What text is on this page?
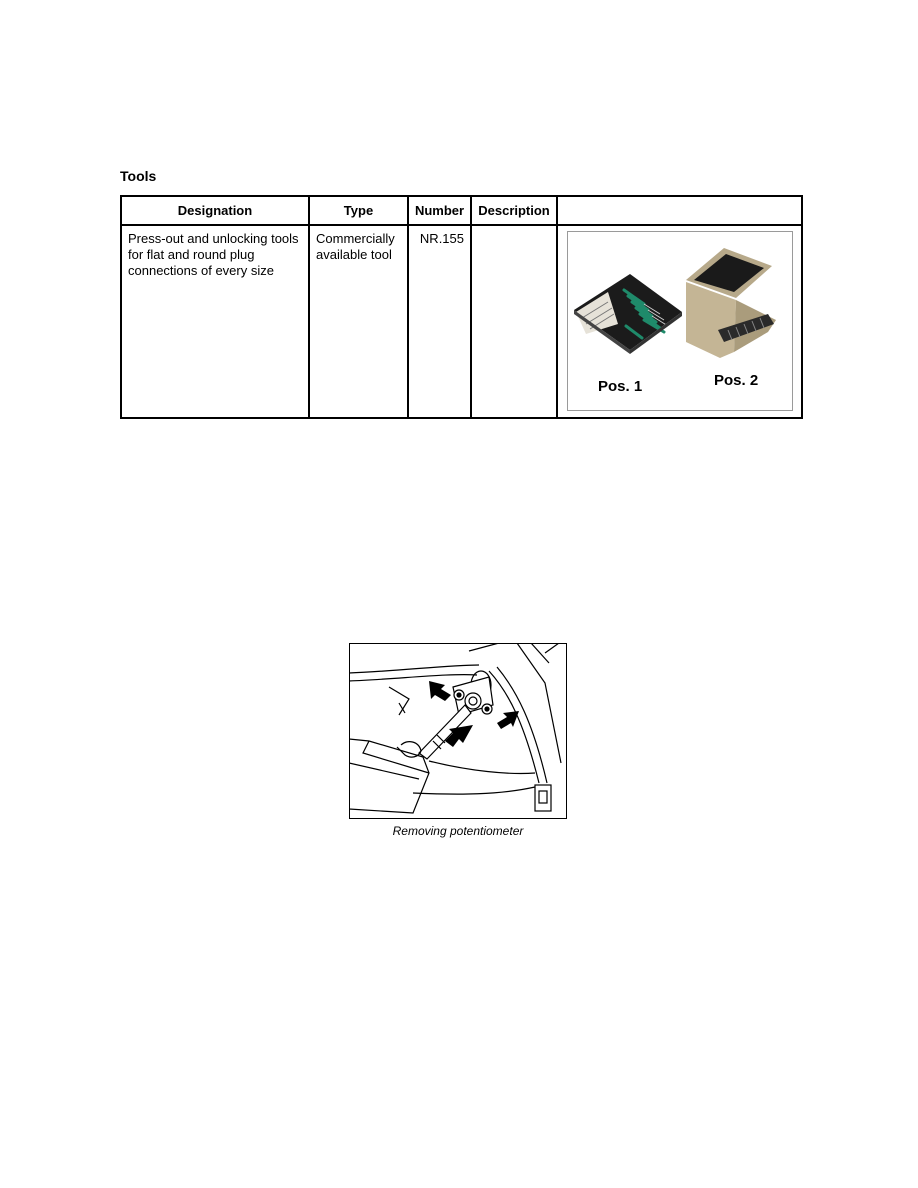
Tools
Designation	Type	Number	Description	

Press-out and unlocking tools for flat and round plug connections of every size	Commercially available tool	NR.155		Pos. 1 Pos. 2
Removing potentiometer
